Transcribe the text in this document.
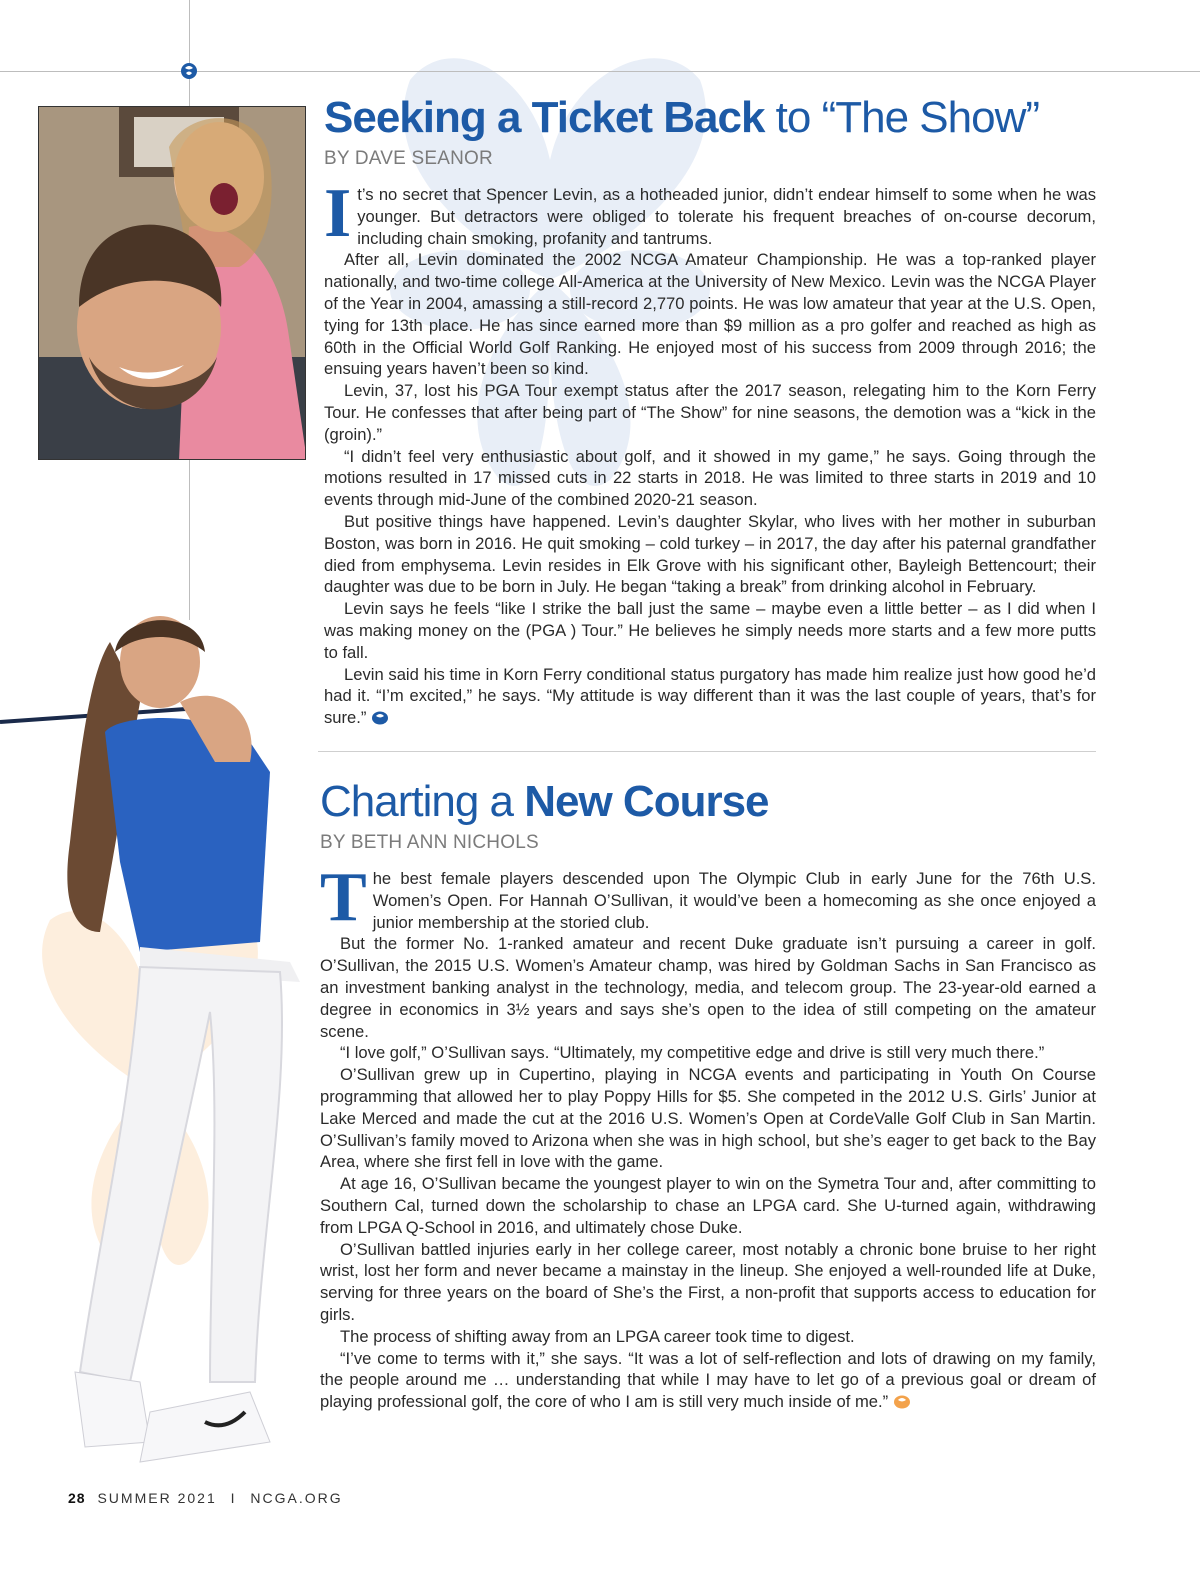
Seeking a Ticket Back to “The Show”
BY DAVE SEANOR

It’s no secret that Spencer Levin, as a hotheaded junior, didn’t endear himself to some when he was younger. But detractors were obliged to tolerate his frequent breaches of on-course decorum, including chain smoking, profanity and tantrums.

After all, Levin dominated the 2002 NCGA Amateur Championship. He was a top-ranked player nationally, and two-time college All-America at the University of New Mexico. Levin was the NCGA Player of the Year in 2004, amassing a still-record 2,770 points. He was low amateur that year at the U.S. Open, tying for 13th place. He has since earned more than $9 million as a pro golfer and reached as high as 60th in the Official World Golf Ranking. He enjoyed most of his success from 2009 through 2016; the ensuing years haven’t been so kind.

Levin, 37, lost his PGA Tour exempt status after the 2017 season, relegating him to the Korn Ferry Tour. He confesses that after being part of “The Show” for nine seasons, the demotion was a “kick in the (groin).”

“I didn’t feel very enthusiastic about golf, and it showed in my game,” he says. Going through the motions resulted in 17 missed cuts in 22 starts in 2018. He was limited to three starts in 2019 and 10 events through mid-June of the combined 2020-21 season.

But positive things have happened. Levin’s daughter Skylar, who lives with her mother in suburban Boston, was born in 2016. He quit smoking – cold turkey – in 2017, the day after his paternal grandfather died from emphysema. Levin resides in Elk Grove with his significant other, Bayleigh Bettencourt; their daughter was due to be born in July. He began “taking a break” from drinking alcohol in February.

Levin says he feels “like I strike the ball just the same – maybe even a little better – as I did when I was making money on the (PGA ) Tour.” He believes he simply needs more starts and a few more putts to fall.

Levin said his time in Korn Ferry conditional status purgatory has made him realize just how good he’d had it. “I’m excited,” he says. “My attitude is way different than it was the last couple of years, that’s for sure.”

Charting a New Course
BY BETH ANN NICHOLS

The best female players descended upon The Olympic Club in early June for the 76th U.S. Women’s Open. For Hannah O’Sullivan, it would’ve been a homecoming as she once enjoyed a junior membership at the storied club.

But the former No. 1-ranked amateur and recent Duke graduate isn’t pursuing a career in golf. O’Sullivan, the 2015 U.S. Women’s Amateur champ, was hired by Goldman Sachs in San Francisco as an investment banking analyst in the technology, media, and telecom group. The 23-year-old earned a degree in economics in 3½ years and says she’s open to the idea of still competing on the amateur scene.

“I love golf,” O’Sullivan says. “Ultimately, my competitive edge and drive is still very much there.”

O’Sullivan grew up in Cupertino, playing in NCGA events and participating in Youth On Course programming that allowed her to play Poppy Hills for $5. She competed in the 2012 U.S. Girls’ Junior at Lake Merced and made the cut at the 2016 U.S. Women’s Open at CordeValle Golf Club in San Martin. O’Sullivan’s family moved to Arizona when she was in high school, but she’s eager to get back to the Bay Area, where she first fell in love with the game.

At age 16, O’Sullivan became the youngest player to win on the Symetra Tour and, after committing to Southern Cal, turned down the scholarship to chase an LPGA card. She U-turned again, withdrawing from LPGA Q-School in 2016, and ultimately chose Duke.

O’Sullivan battled injuries early in her college career, most notably a chronic bone bruise to her right wrist, lost her form and never became a mainstay in the lineup. She enjoyed a well-rounded life at Duke, serving for three years on the board of She’s the First, a non-profit that supports access to education for girls.

The process of shifting away from an LPGA career took time to digest.

“I’ve come to terms with it,” she says. “It was a lot of self-reflection and lots of drawing on my family, the people around me … understanding that while I may have to let go of a previous goal or dream of playing professional golf, the core of who I am is still very much inside of me.”

28 SUMMER 2021 I NCGA.ORG
